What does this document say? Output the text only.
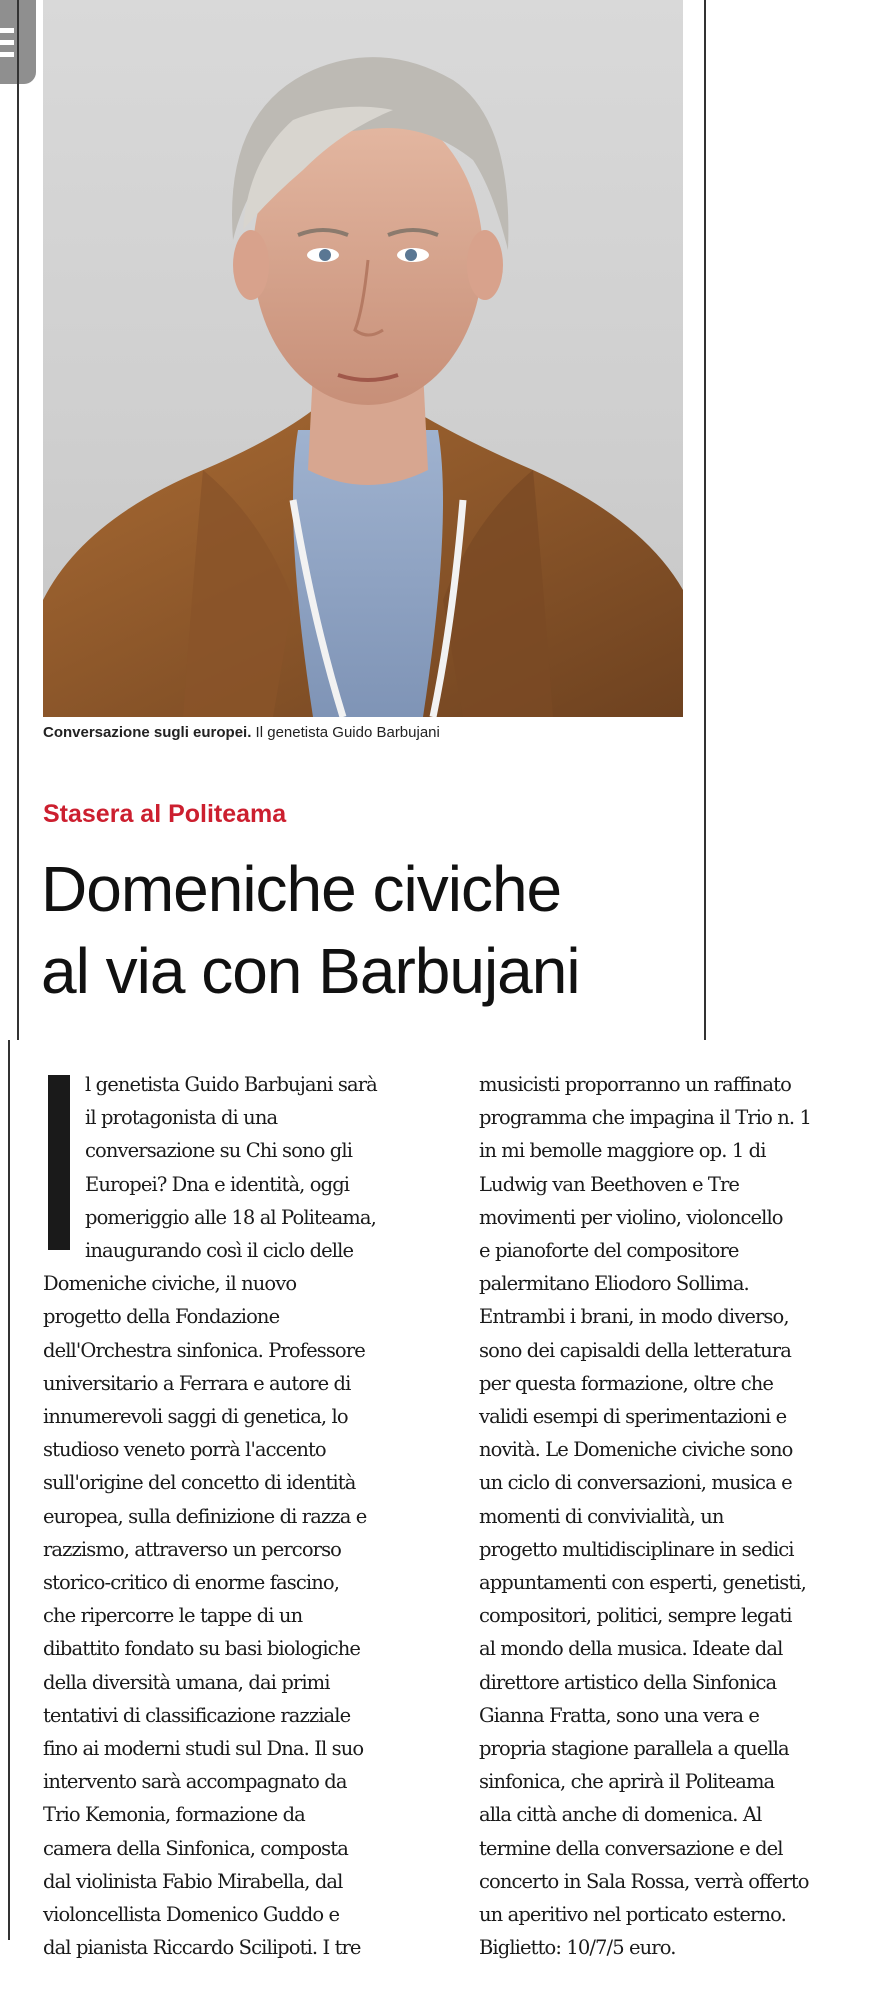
Conversazione sugli europei. Il genetista Guido Barbujani
Stasera al Politeama
Domeniche civiche
al via con Barbujani
l genetista Guido Barbujani sarà
il protagonista di una
conversazione su Chi sono gli
Europei? Dna e identità, oggi
pomeriggio alle 18 al Politeama,
inaugurando così il ciclo delle
Domeniche civiche, il nuovo
progetto della Fondazione
dell'Orchestra sinfonica. Professore
universitario a Ferrara e autore di
innumerevoli saggi di genetica, lo
studioso veneto porrà l'accento
sull'origine del concetto di identità
europea, sulla definizione di razza e
razzismo, attraverso un percorso
storico-critico di enorme fascino,
che ripercorre le tappe di un
dibattito fondato su basi biologiche
della diversità umana, dai primi
tentativi di classificazione razziale
fino ai moderni studi sul Dna. Il suo
intervento sarà accompagnato da
Trio Kemonia, formazione da
camera della Sinfonica, composta
dal violinista Fabio Mirabella, dal
violoncellista Domenico Guddo e
dal pianista Riccardo Scilipoti. I tre
musicisti proporranno un raffinato
programma che impagina il Trio n. 1
in mi bemolle maggiore op. 1 di
Ludwig van Beethoven e Tre
movimenti per violino, violoncello
e pianoforte del compositore
palermitano Eliodoro Sollima.
Entrambi i brani, in modo diverso,
sono dei capisaldi della letteratura
per questa formazione, oltre che
validi esempi di sperimentazioni e
novità. Le Domeniche civiche sono
un ciclo di conversazioni, musica e
momenti di convivialità, un
progetto multidisciplinare in sedici
appuntamenti con esperti, genetisti,
compositori, politici, sempre legati
al mondo della musica. Ideate dal
direttore artistico della Sinfonica
Gianna Fratta, sono una vera e
propria stagione parallela a quella
sinfonica, che aprirà il Politeama
alla città anche di domenica. Al
termine della conversazione e del
concerto in Sala Rossa, verrà offerto
un aperitivo nel porticato esterno.
Biglietto: 10/7/5 euro.
